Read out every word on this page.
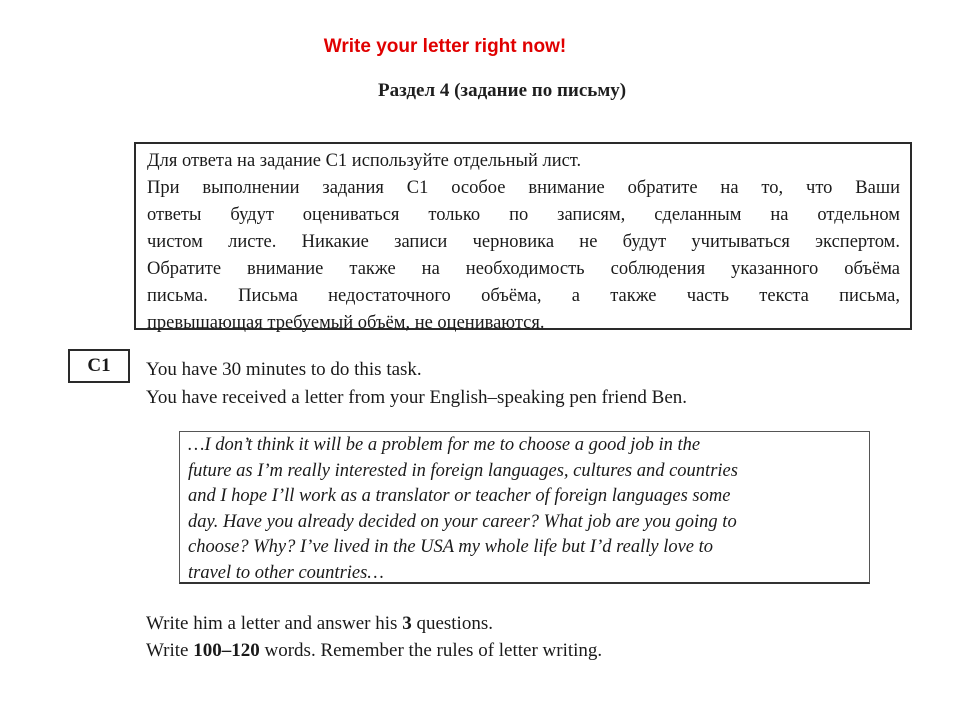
Write your letter right now!
Раздел 4 (задание по письму)
Для ответа на задание С1 используйте отдельный лист.
При выполнении задания С1 особое внимание обратите на то, что Ваши
ответы будут оцениваться только по записям, сделанным на отдельном
чистом листе. Никакие записи черновика не будут учитываться экспертом.
Обратите внимание также на необходимость соблюдения указанного объёма
письма. Письма недостаточного объёма, а также часть текста письма,
превышающая требуемый объём, не оцениваются.
C1	You have 30 minutes to do this task.
You have received a letter from your English–speaking pen friend Ben.
…I don’t think it will be a problem for me to choose a good job in the
future as I’m really interested in foreign languages, cultures and countries
and I hope I’ll work as a translator or teacher of foreign languages some
day. Have you already decided on your career? What job are you going to
choose? Why? I’ve lived in the USA my whole life but I’d really love to
travel to other countries…
Write him a letter and answer his 3 questions.
Write 100–120 words. Remember the rules of letter writing.
